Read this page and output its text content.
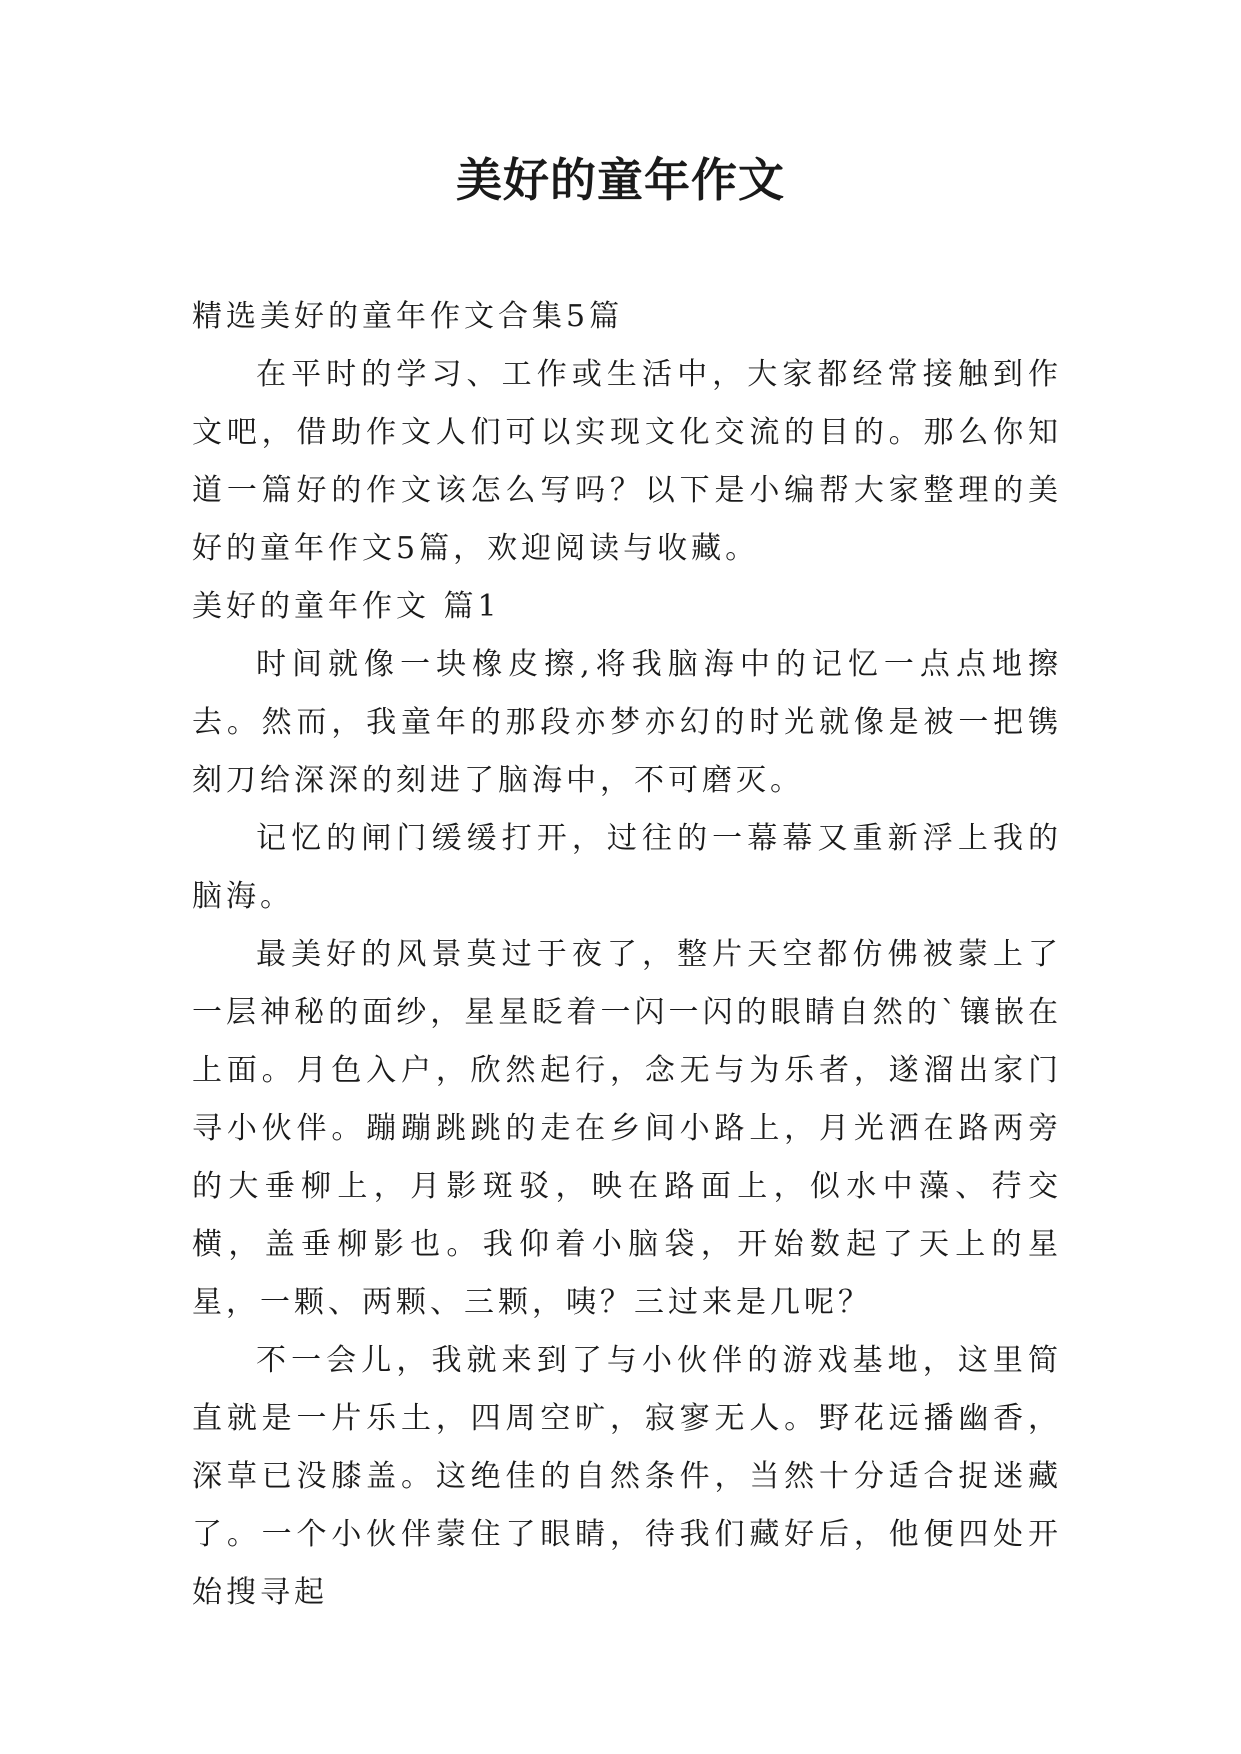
美好的童年作文

精选美好的童年作文合集5篇

在平时的学习、工作或生活中，大家都经常接触到作文吧，借助作文人们可以实现文化交流的目的。那么你知道一篇好的作文该怎么写吗？以下是小编帮大家整理的美好的童年作文5篇，欢迎阅读与收藏。

美好的童年作文 篇1

时间就像一块橡皮擦,将我脑海中的记忆一点点地擦去。然而，我童年的那段亦梦亦幻的时光就像是被一把镌刻刀给深深的刻进了脑海中，不可磨灭。

记忆的闸门缓缓打开，过往的一幕幕又重新浮上我的脑海。

最美好的风景莫过于夜了，整片天空都仿佛被蒙上了一层神秘的面纱，星星眨着一闪一闪的眼睛自然的`镶嵌在上面。月色入户，欣然起行，念无与为乐者，遂溜出家门寻小伙伴。蹦蹦跳跳的走在乡间小路上，月光洒在路两旁的大垂柳上，月影斑驳，映在路面上，似水中藻、荇交横，盖垂柳影也。我仰着小脑袋，开始数起了天上的星星，一颗、两颗、三颗，咦？三过来是几呢？

不一会儿，我就来到了与小伙伴的游戏基地，这里简直就是一片乐土，四周空旷，寂寥无人。野花远播幽香，深草已没膝盖。这绝佳的自然条件，当然十分适合捉迷藏了。一个小伙伴蒙住了眼睛，待我们藏好后，他便四处开始搜寻起
